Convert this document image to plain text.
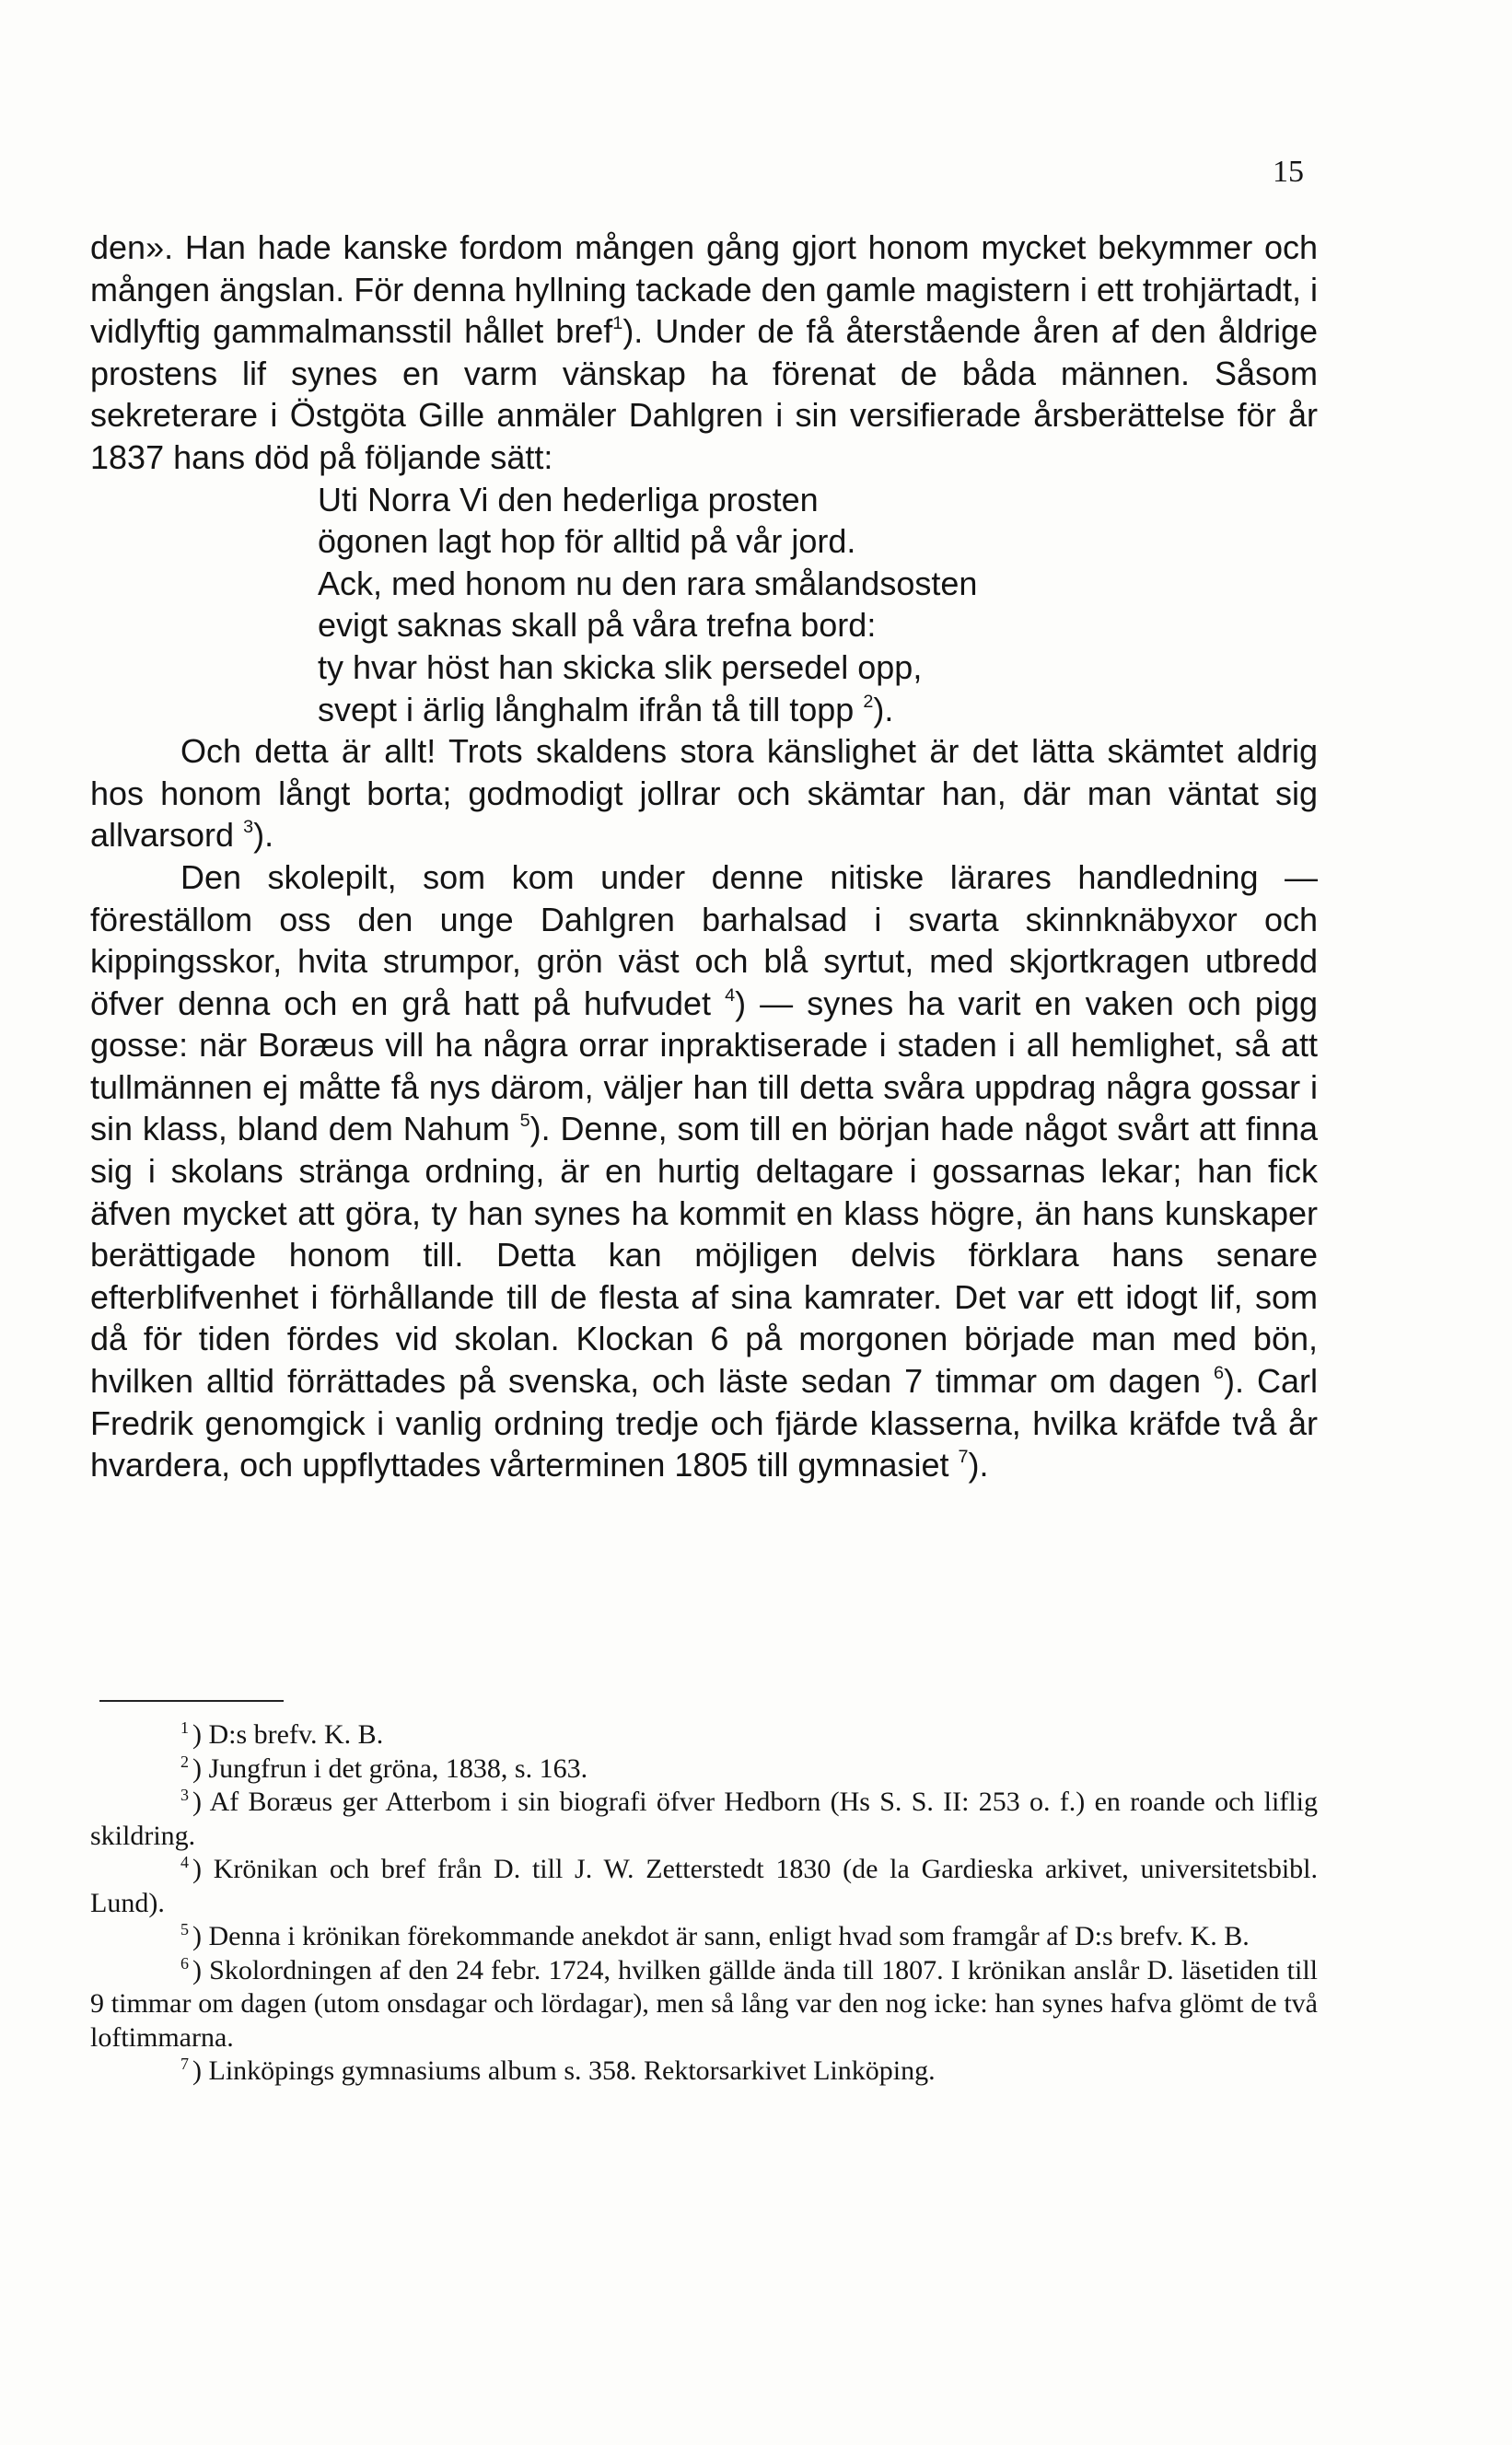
15

den». Han hade kanske fordom mången gång gjort honom mycket bekymmer och mången ängslan. För denna hyllning tackade den gamle magistern i ett trohjärtadt, i vidlyftig gammalmansstil hållet bref$^1$). Under de få återstående åren af den åldrige prostens lif synes en varm vänskap ha förenat de båda männen. Såsom sekreterare i Östgöta Gille anmäler Dahlgren i sin versifierade årsberättelse för år 1837 hans död på följande sätt:

Uti Norra Vi den hederliga prosten
ögonen lagt hop för alltid på vår jord.
Ack, med honom nu den rara smålandsosten
evigt saknas skall på våra trefna bord:
ty hvar höst han skicka slik persedel opp,
svept i ärlig långhalm ifrån tå till topp $^2$).

Och detta är allt! Trots skaldens stora känslighet är det lätta skämtet aldrig hos honom långt borta; godmodigt jollrar och skämtar han, där man väntat sig allvarsord $^3$).

Den skolepilt, som kom under denne nitiske lärares handledning — föreställom oss den unge Dahlgren barhalsad i svarta skinnknäbyxor och kippingsskor, hvita strumpor, grön väst och blå syrtut, med skjortkragen utbredd öfver denna och en grå hatt på hufvudet $^4$) — synes ha varit en vaken och pigg gosse: när Boræus vill ha några orrar inpraktiserade i staden i all hemlighet, så att tullmännen ej måtte få nys därom, väljer han till detta svåra uppdrag några gossar i sin klass, bland dem Nahum $^5$). Denne, som till en början hade något svårt att finna sig i skolans stränga ordning, är en hurtig deltagare i gossarnas lekar; han fick äfven mycket att göra, ty han synes ha kommit en klass högre, än hans kunskaper berättigade honom till. Detta kan möjligen delvis förklara hans senare efterblifvenhet i förhållande till de flesta af sina kamrater. Det var ett idogt lif, som då för tiden fördes vid skolan. Klockan 6 på morgonen började man med bön, hvilken alltid förrättades på svenska, och läste sedan 7 timmar om dagen $^6$). Carl Fredrik genomgick i vanlig ordning tredje och fjärde klasserna, hvilka kräfde två år hvardera, och uppflyttades vårterminen 1805 till gymnasiet $^7$).

$^1$ ) D:s brefv. K. B.

$^2$ ) Jungfrun i det gröna, 1838, s. 163.

$^3$ ) Af Boræus ger Atterbom i sin biografi öfver Hedborn (Hs S. S. II: 253 o. f.) en roande och liflig skildring.

$^4$ ) Krönikan och bref från D. till J. W. Zetterstedt 1830 (de la Gardieska arkivet, universitetsbibl. Lund).

$^5$ ) Denna i krönikan förekommande anekdot är sann, enligt hvad som framgår af D:s brefv. K. B.

$^6$ ) Skolordningen af den 24 febr. 1724, hvilken gällde ända till 1807. I krönikan anslår D. läsetiden till 9 timmar om dagen (utom onsdagar och lördagar), men så lång var den nog icke: han synes hafva glömt de två loftimmarna.

$^7$ ) Linköpings gymnasiums album s. 358. Rektorsarkivet Linköping.
